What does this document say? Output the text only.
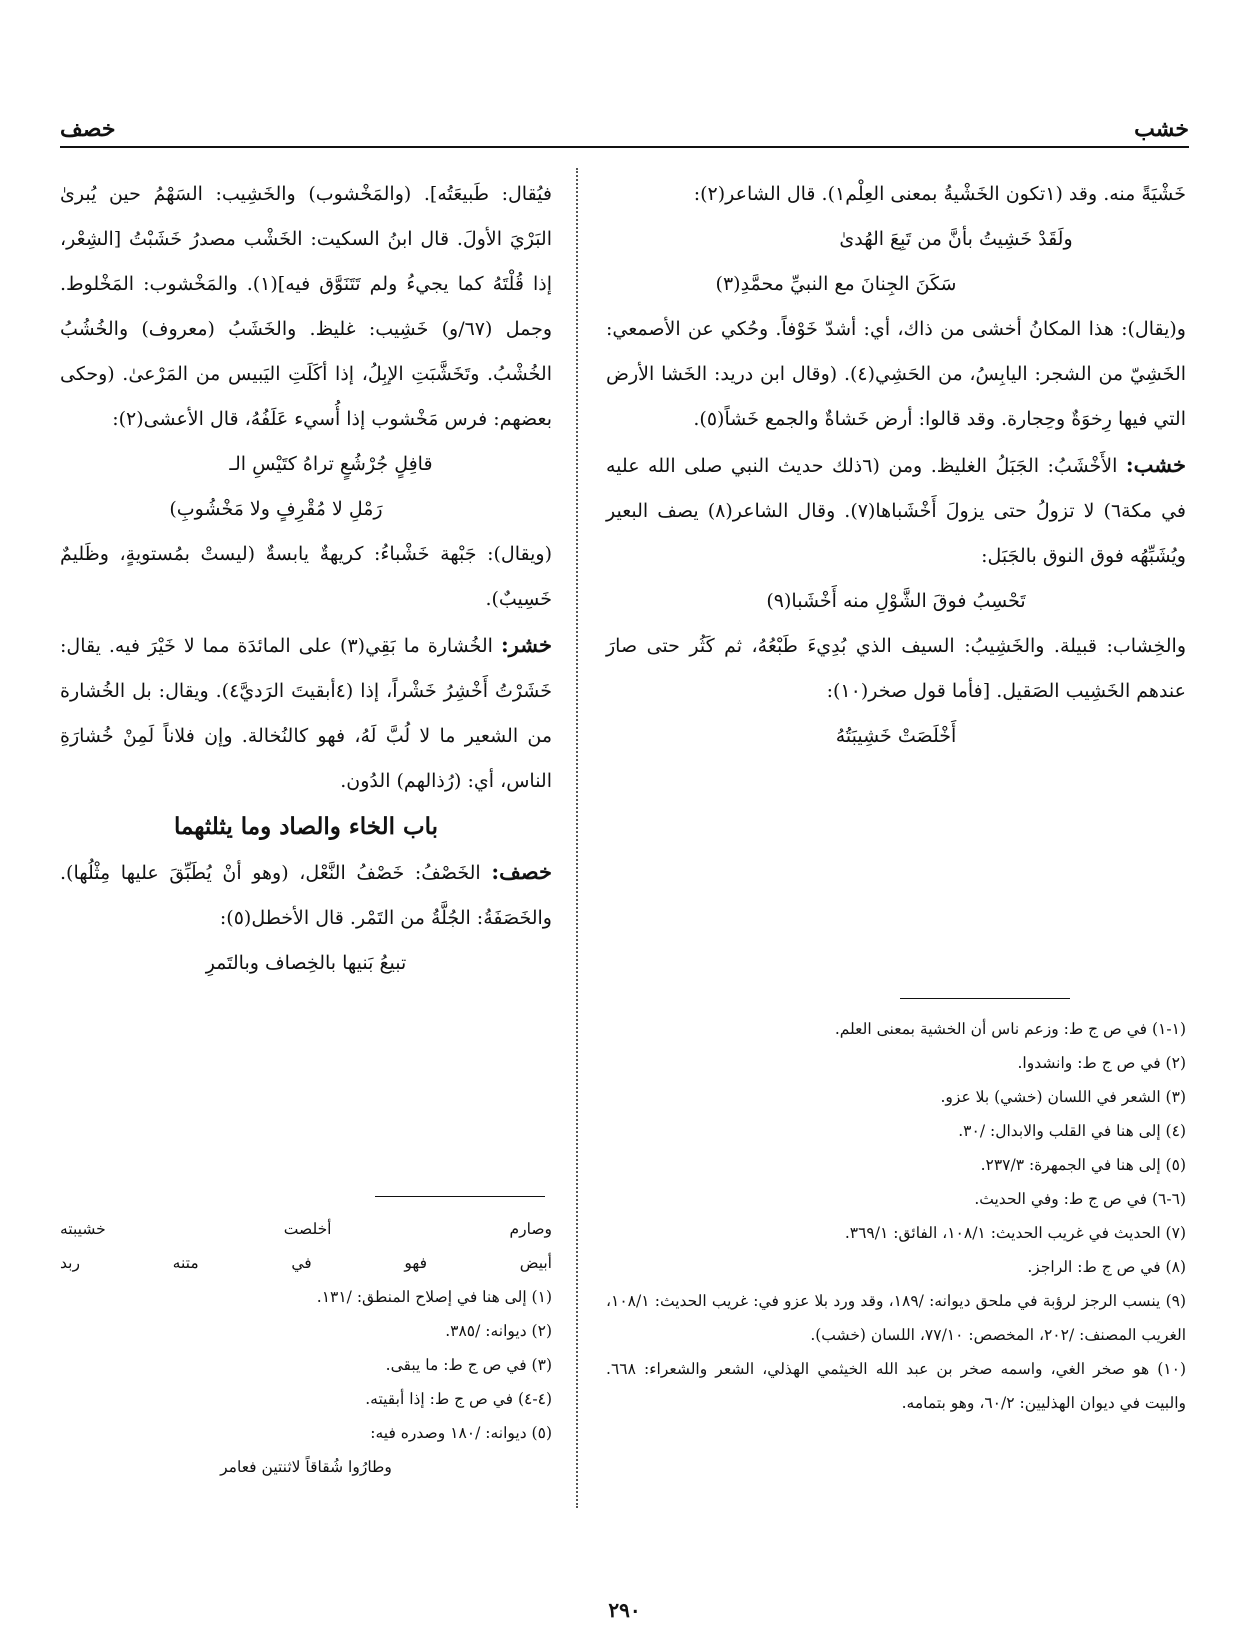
خشب
خصف

خَشْيَةً منه. وقد (١تكون الخَشْيةُ بمعنى العِلْم١). قال الشاعر(٢):

ولَقَدْ خَشِيتُ بأنَّ من تَبِعَ الهُدىٰ

سَكَنَ الجِنانَ مع النبيِّ محمَّدِ(٣)

و(يقال): هذا المكانُ أخشى من ذاك، أي: أشدّ خَوْفاً. وحُكي عن الأصمعي: الخَشِيّ من الشجر: اليابِسُ، من الحَشِي(٤). (وقال ابن دريد: الخَشا الأرض التي فيها رِخوَةٌ وحِجارة. وقد قالوا: أرض خَشاةٌ والجمع خَشاً(٥).

خشب: الأَخْشَبُ: الجَبَلُ الغليظ. ومن (٦ذلك حديث النبي صلى الله عليه في مكة٦) لا تزولُ حتى يزولَ أَخْشَباها(٧). وقال الشاعر(٨) يصف البعير ويُشَبِّهُه فوق النوق بالجَبَل:

تَحْسِبُ فوقَ الشَّوْلِ منه أَخْشَبا(٩)

والخِشاب: قبيلة. والخَشِيبُ: السيف الذي بُدِيءَ طَبْعُهُ، ثم كَثُر حتى صارَ عندهم الخَشِيب الصَقيل. [فأما قول صخر(١٠):

أَخْلَصَتْ خَشِيبَتُهُ

(١-١) في ص ج ط: وزعم ناس أن الخشية بمعنى العلم.

(٢) في ص ج ط: وانشدوا.

(٣) الشعر في اللسان (خشي) بلا عزو.

(٤) إلى هنا في القلب والابدال: /٣٠.

(٥) إلى هنا في الجمهرة: ٢٣٧/٣.

(٦-٦) في ص ج ط: وفي الحديث.

(٧) الحديث في غريب الحديث: ١٠٨/١، الفائق: ٣٦٩/١.

(٨) في ص ج ط: الراجز.

(٩) ينسب الرجز لرؤبة في ملحق ديوانه: /١٨٩، وقد ورد بلا عزو في: غريب الحديث: ١٠٨/١، الغريب المصنف: /٢٠٢، المخصص: ٧٧/١٠، اللسان (خشب).

(١٠) هو صخر الغي، واسمه صخر بن عبد الله الخيثمي الهذلي، الشعر والشعراء: ٦٦٨. والبيت في ديوان الهذليين: ٦٠/٢، وهو بتمامه.

فيُقال: طَبيعَتُه]. (والمَخْشوب) والخَشِيب: السَهْمُ حين يُبرىٰ البَرْيَ الأولَ. قال ابنُ السكيت: الخَشْب مصدرُ خَشَبْتُ [الشِعْر، إذا قُلْتَهُ كما يجيءُ ولم تَتَنَوَّق فيه](١). والمَخْشوب: المَخْلوط. وجمل (٦٧/و) خَشِيب: غليظ. والخَشَبُ (معروف) والخُشُبُ الخُشْبُ. وتَخَشَّبَتِ الإبِلُ، إذا أكَلَتِ اليَبيس من المَرْعىٰ. (وحكى بعضهم: فرس مَخْشوب إذا أُسيء عَلَفُهُ، قال الأعشى(٢):

قافِلٍ جُرْشُعٍ تراهُ كتَيْسِ الـ

رَمْلِ لا مُقْرِفٍ ولا مَخْشُوبِ)

(ويقال): جَبْهة خَشْباءُ: كريهةٌ يابسةٌ (ليستْ بمُستويةٍ، وظَليمٌ خَسِيبٌ).

خشر: الخُشارة ما بَقِي(٣) على المائدَة مما لا خَيْرَ فيه. يقال: خَشَرْتُ أَخْشِرُ خَشْراً، إذا (٤أبقيتَ الرَديَّ٤). ويقال: بل الخُشارة من الشعير ما لا لُبَّ لَهُ، فهو كالنُخالة. وإن فلاناً لَمِنْ خُشارَةِ الناس، أي: (رُذالهم) الدُون.

باب الخاء والصاد وما يثلثهما

خصف: الخَصْفُ: خَصْفُ النَّعْل، (وهو أنْ يُطَبِّقَ عليها مِثْلُها). والخَصَفَةُ: الجُلَّةُ من التَمْر. قال الأخطل(٥):

تبيعُ بَنيها بالخِصاف وبالتَمرِ

وصارم أخلصت خشيبته

أبيض فهو في متنه ربد

(١) إلى هنا في إصلاح المنطق: /١٣١.

(٢) ديوانه: /٣٨٥.

(٣) في ص ج ط: ما يبقى.

(٤-٤) في ص ج ط: إذا أبقيته.

(٥) ديوانه: /١٨٠ وصدره فيه:

وطارُوا شُقاقاً لاثنتين فعامر

٢٩٠
